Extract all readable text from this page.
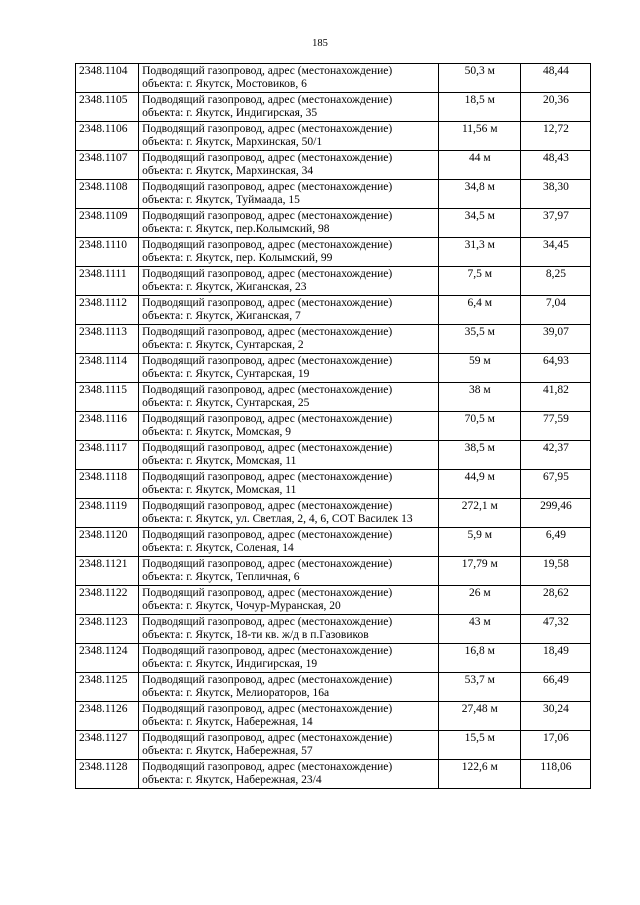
185
2348.1104	Подводящий газопровод, адрес (местонахождение) объекта: г. Якутск, Мостовиков, 6	50,3 м	48,44
2348.1105	Подводящий газопровод, адрес (местонахождение) объекта: г. Якутск, Индигирская, 35	18,5 м	20,36
2348.1106	Подводящий газопровод, адрес (местонахождение) объекта: г. Якутск, Мархинская, 50/1	11,56 м	12,72
2348.1107	Подводящий газопровод, адрес (местонахождение) объекта: г. Якутск, Мархинская, 34	44 м	48,43
2348.1108	Подводящий газопровод, адрес (местонахождение) объекта: г. Якутск, Туймаада, 15	34,8 м	38,30
2348.1109	Подводящий газопровод, адрес (местонахождение) объекта: г. Якутск, пер.Колымский, 98	34,5 м	37,97
2348.1110	Подводящий газопровод, адрес (местонахождение) объекта: г. Якутск, пер. Колымский, 99	31,3 м	34,45
2348.1111	Подводящий газопровод, адрес (местонахождение) объекта: г. Якутск, Жиганская, 23	7,5 м	8,25
2348.1112	Подводящий газопровод, адрес (местонахождение) объекта: г. Якутск, Жиганская, 7	6,4 м	7,04
2348.1113	Подводящий газопровод, адрес (местонахождение) объекта: г. Якутск, Сунтарская, 2	35,5 м	39,07
2348.1114	Подводящий газопровод, адрес (местонахождение) объекта: г. Якутск, Сунтарская, 19	59 м	64,93
2348.1115	Подводящий газопровод, адрес (местонахождение) объекта: г. Якутск, Сунтарская, 25	38 м	41,82
2348.1116	Подводящий газопровод, адрес (местонахождение) объекта: г. Якутск, Момская, 9	70,5 м	77,59
2348.1117	Подводящий газопровод, адрес (местонахождение) объекта: г. Якутск, Момская, 11	38,5 м	42,37
2348.1118	Подводящий газопровод, адрес (местонахождение) объекта: г. Якутск, Момская, 11	44,9 м	67,95
2348.1119	Подводящий газопровод, адрес (местонахождение) объекта: г. Якутск, ул. Светлая, 2, 4, 6, СОТ Василек 13	272,1 м	299,46
2348.1120	Подводящий газопровод, адрес (местонахождение) объекта: г. Якутск, Соленая, 14	5,9 м	6,49
2348.1121	Подводящий газопровод, адрес (местонахождение) объекта: г. Якутск, Тепличная, 6	17,79 м	19,58
2348.1122	Подводящий газопровод, адрес (местонахождение) объекта: г. Якутск, Чочур-Муранская, 20	26 м	28,62
2348.1123	Подводящий газопровод, адрес (местонахождение) объекта: г. Якутск, 18-ти кв. ж/д в п.Газовиков	43 м	47,32
2348.1124	Подводящий газопровод, адрес (местонахождение) объекта: г. Якутск, Индигирская, 19	16,8 м	18,49
2348.1125	Подводящий газопровод, адрес (местонахождение) объекта: г. Якутск, Мелиораторов, 16а	53,7 м	66,49
2348.1126	Подводящий газопровод, адрес (местонахождение) объекта: г. Якутск, Набережная, 14	27,48 м	30,24
2348.1127	Подводящий газопровод, адрес (местонахождение) объекта: г. Якутск, Набережная, 57	15,5 м	17,06
2348.1128	Подводящий газопровод, адрес (местонахождение) объекта: г. Якутск, Набережная, 23/4	122,6 м	118,06
